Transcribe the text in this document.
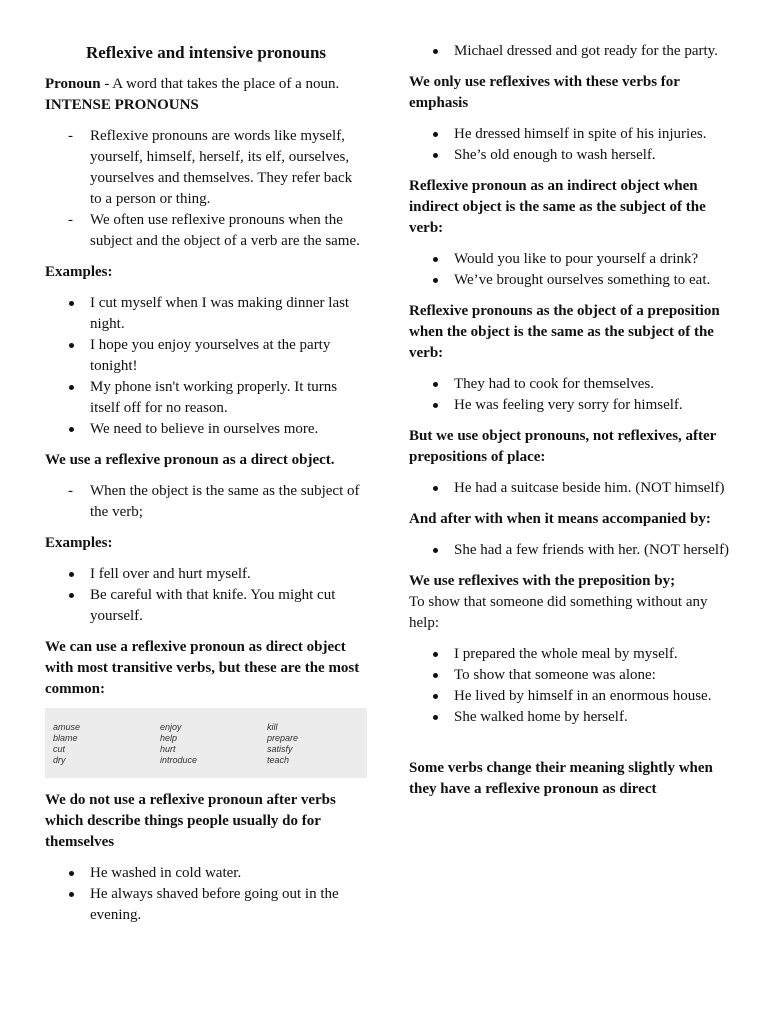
Reflexive and intensive pronouns

Pronoun - A word that takes the place of a noun.

INTENSE PRONOUNS

- Reflexive pronouns are words like myself, yourself, himself, herself, its elf, ourselves, yourselves and themselves. They refer back to a person or thing.
- We often use reflexive pronouns when the subject and the object of a verb are the same.

Examples:

I cut myself when I was making dinner last night.
I hope you enjoy yourselves at the party tonight!
My phone isn't working properly. It turns itself off for no reason.
We need to believe in ourselves more.

We use a reflexive pronoun as a direct object.

- When the object is the same as the subject of the verb;

Examples:

I fell over and hurt myself.
Be careful with that knife. You might cut yourself.

We can use a reflexive pronoun as direct object with most transitive verbs, but these are the most common:

amuse
blame
cut
dry
enjoy
help
hurt
introduce
kill
prepare
satisfy
teach

We do not use a reflexive pronoun after verbs which describe things people usually do for themselves

He washed in cold water.
He always shaved before going out in the evening.
Michael dressed and got ready for the party.

We only use reflexives with these verbs for emphasis

He dressed himself in spite of his injuries.
She’s old enough to wash herself.

Reflexive pronoun as an indirect object when indirect object is the same as the subject of the verb:

Would you like to pour yourself a drink?
We’ve brought ourselves something to eat.

Reflexive pronouns as the object of a preposition when the object is the same as the subject of the verb:

They had to cook for themselves.
He was feeling very sorry for himself.

But we use object pronouns, not reflexives, after prepositions of place:

He had a suitcase beside him. (NOT himself)

And after with when it means accompanied by:

She had a few friends with her. (NOT herself)

We use reflexives with the preposition by;

To show that someone did something without any help:

I prepared the whole meal by myself.
To show that someone was alone:
He lived by himself in an enormous house.
She walked home by herself.

Some verbs change their meaning slightly when they have a reflexive pronoun as direct
